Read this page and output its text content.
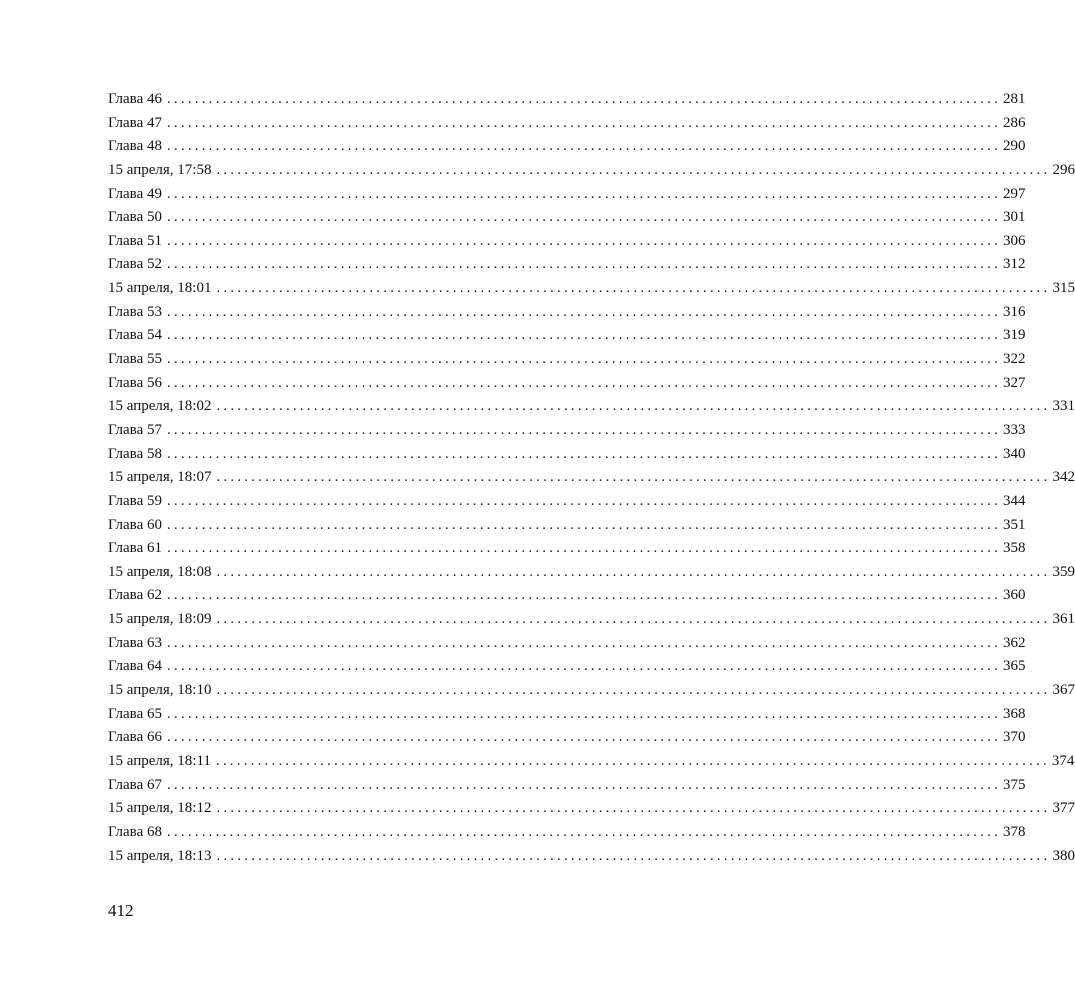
Глава 46 ........................................................................................................................ 281
Глава 47 ........................................................................................................................ 286
Глава 48 ........................................................................................................................ 290
15 апреля, 17:58 ........................................................................................................................ 296
Глава 49 ........................................................................................................................ 297
Глава 50 ........................................................................................................................ 301
Глава 51 ........................................................................................................................ 306
Глава 52 ........................................................................................................................ 312
15 апреля, 18:01 ........................................................................................................................ 315
Глава 53 ........................................................................................................................ 316
Глава 54 ........................................................................................................................ 319
Глава 55 ........................................................................................................................ 322
Глава 56 ........................................................................................................................ 327
15 апреля, 18:02 ........................................................................................................................ 331
Глава 57 ........................................................................................................................ 333
Глава 58 ........................................................................................................................ 340
15 апреля, 18:07 ........................................................................................................................ 342
Глава 59 ........................................................................................................................ 344
Глава 60 ........................................................................................................................ 351
Глава 61 ........................................................................................................................ 358
15 апреля, 18:08 ........................................................................................................................ 359
Глава 62 ........................................................................................................................ 360
15 апреля, 18:09 ........................................................................................................................ 361
Глава 63 ........................................................................................................................ 362
Глава 64 ........................................................................................................................ 365
15 апреля, 18:10 ........................................................................................................................ 367
Глава 65 ........................................................................................................................ 368
Глава 66 ........................................................................................................................ 370
15 апреля, 18:11 ........................................................................................................................ 374
Глава 67 ........................................................................................................................ 375
15 апреля, 18:12 ........................................................................................................................ 377
Глава 68 ........................................................................................................................ 378
15 апреля, 18:13 ........................................................................................................................ 380
412
